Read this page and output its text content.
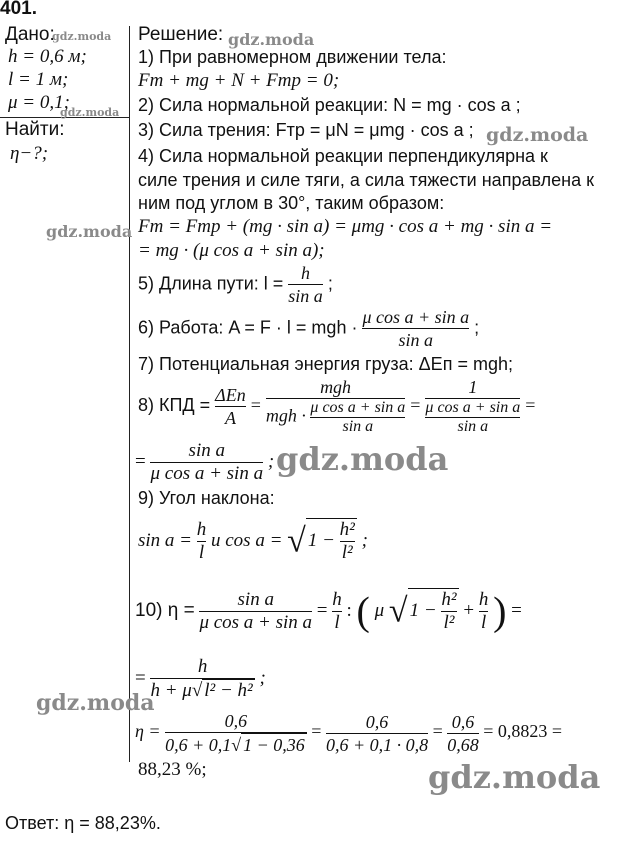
401.
Дано:
h = 0,6 м;
l = 1 м;
μ = 0,1;
Найти:
η−?;
Решение:
1) При равномерном движении тела:
Fт + mg + N + Fтр = 0;
2) Сила нормальной реакции: N = mg · cos a ;
3) Сила трения: Fтр = μN = μmg · cos a ;
4) Сила нормальной реакции перпендикулярна к
силе трения и силе тяги, а сила тяжести направлена к
ним под углом в 30°, таким образом:
Fт = Fтр + (mg · sin a) = μmg · cos a + mg · sin a =
= mg · (μ cos a + sin a);
5) Длина пути: $l = \frac{h}{\text{sin a}}$ ;
6) Работа: A = F · l = mgh · $\frac{\text{μ cos a + sin a}}{\text{sin a}}$ ;
7) Потенциальная энергия груза: ΔEп = mgh;
8) КПД = $\frac{\text{ΔEп}}{A} = \frac{\text{mgh}}{mgh \cdot \frac{\text{μ cos a + sin a}}{\text{sin a}}} = \frac{1}{\frac{\text{μ cos a + sin a}}{\text{sin a}}}$ =
= $\frac{\text{sin a}}{\text{μ cos a + sin a}}$ ;
9) Угол наклона:
$\sin a = \frac{h}{l}$ и cos a = √ $1 - \frac{\text{h²}}{\text{l²}}$ ;
10) $\eta = \frac{\text{sin a}}{\text{μ cos a + sin a}} = \frac{h}{l}$ : ( μ √ $1 - \frac{\text{h²}}{\text{l²}} + \frac{h}{l}$ ) =
= $\frac{h}{\text{h + μ√ l² − h²}}$ ;
$\eta = \frac{0,6}{0,6 + 0,1√ 1 - 0,36} = \frac{0,6}{0,6 + 0,1 \cdot 0,8} = \frac{0,6}{0,68} = 0,8823$ =
88,23 %;
Ответ: η = 88,23%.
gdz.moda
gdz.moda
gdz.moda
gdz.moda
gdz.moda
gdz.moda
gdz.moda
gdz.moda
